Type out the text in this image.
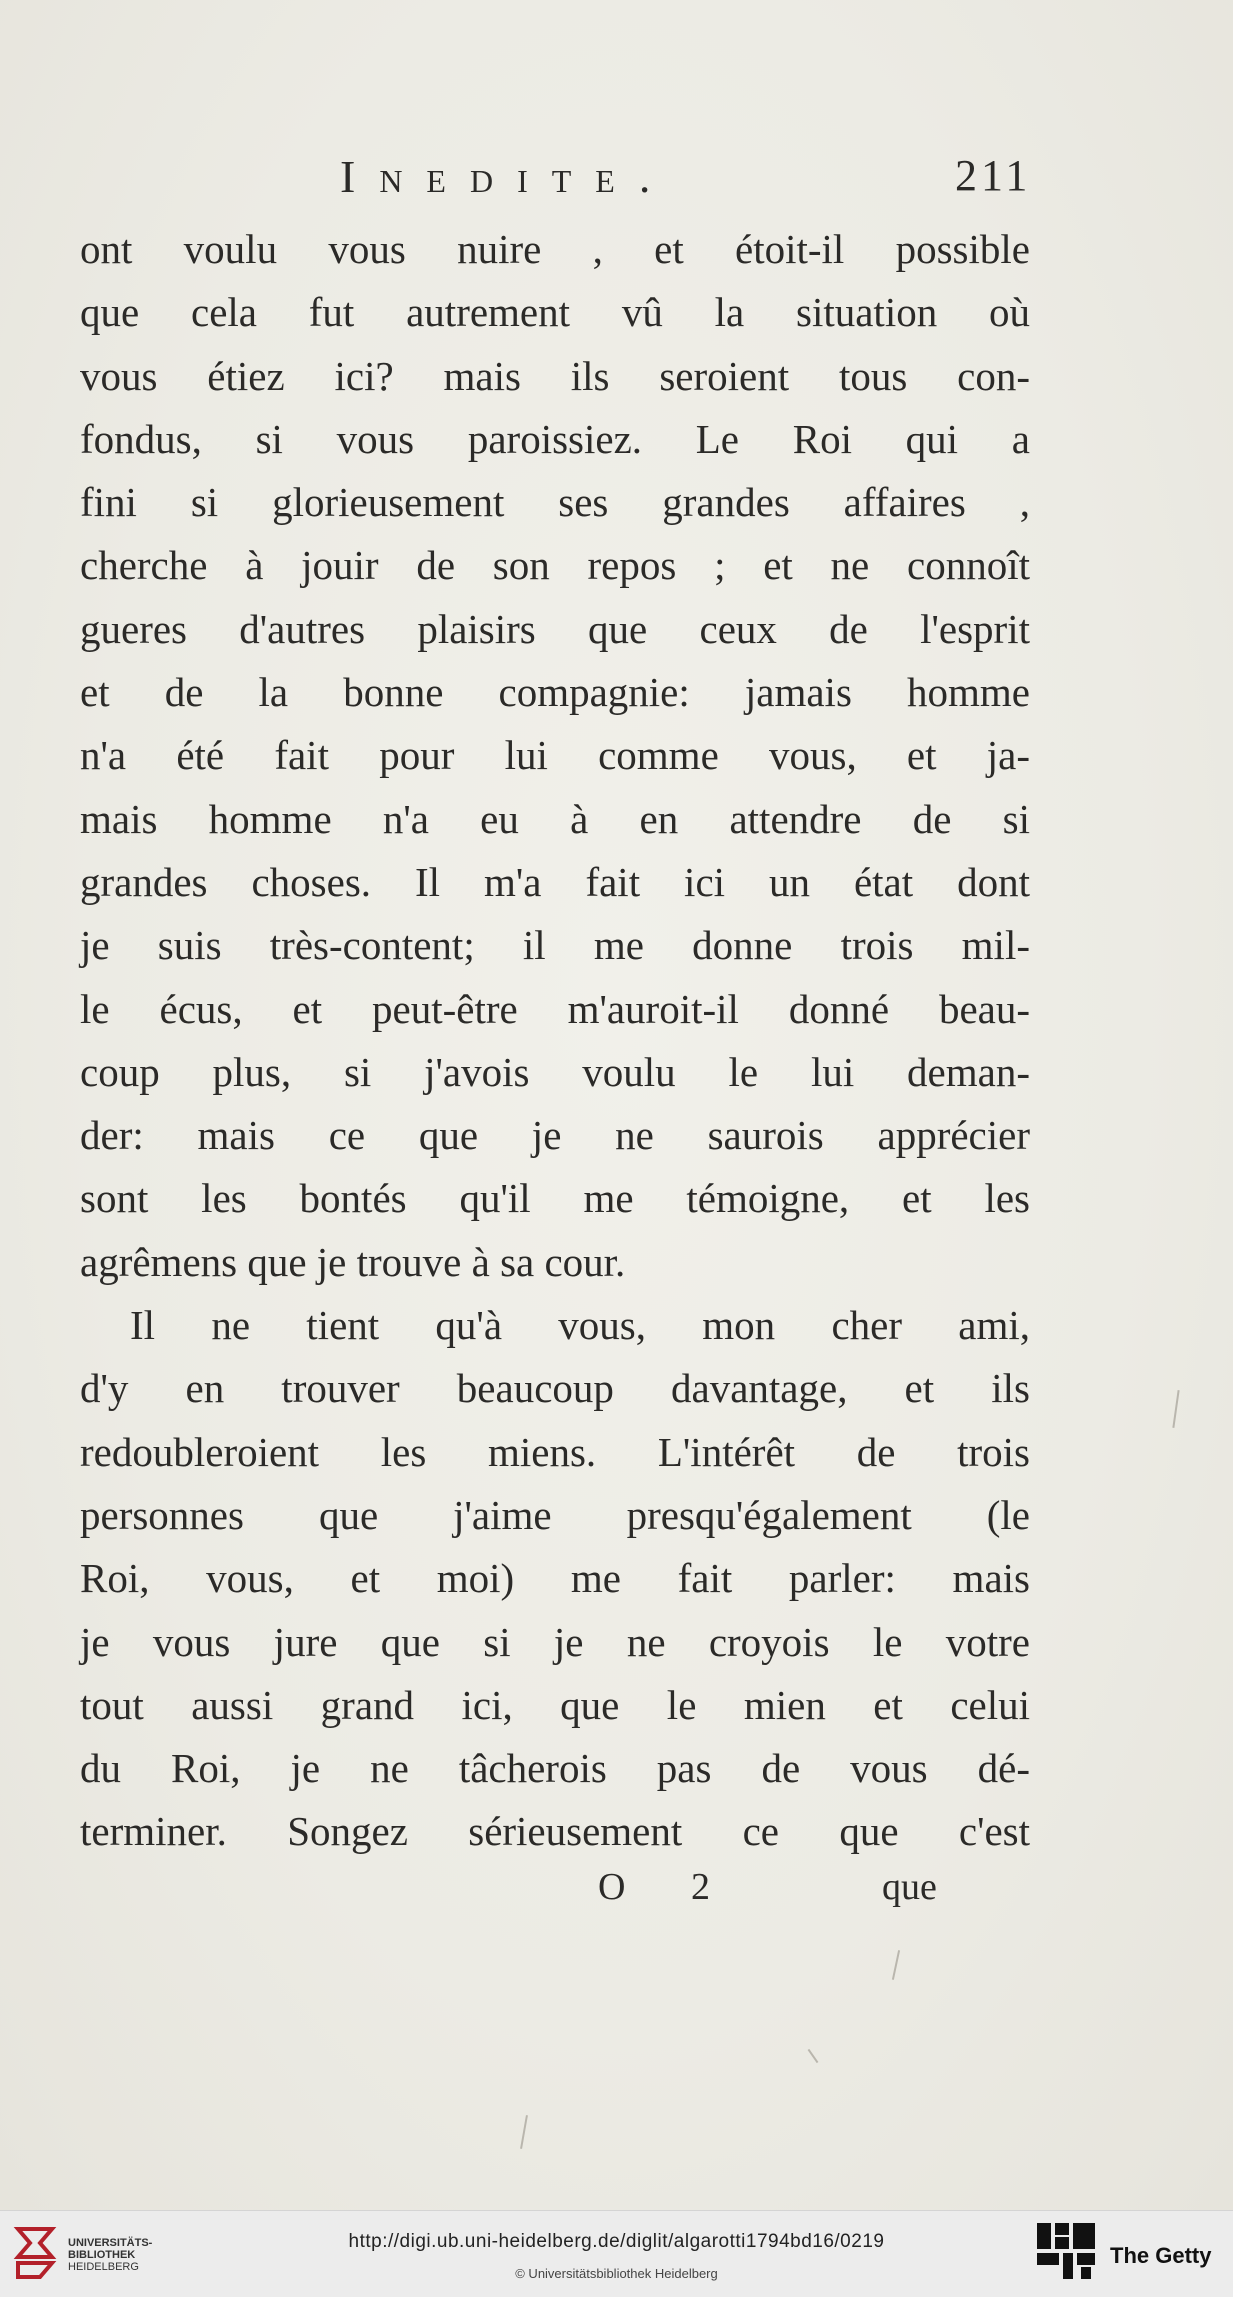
Inedite.	211
ont voulu vous nuire , et étoit-il possible
que cela fut autrement vû la situation où
vous étiez ici? mais ils seroient tous con-
fondus, si vous paroissiez. Le Roi qui a
fini si glorieusement ses grandes affaires ,
cherche à jouir de son repos ; et ne connoît
gueres d'autres plaisirs que ceux de l'esprit
et de la bonne compagnie: jamais homme
n'a été fait pour lui comme vous, et ja-
mais homme n'a eu à en attendre de si
grandes choses. Il m'a fait ici un état dont
je suis très-content; il me donne trois mil-
le écus, et peut-être m'auroit-il donné beau-
coup plus, si j'avois voulu le lui deman-
der: mais ce que je ne saurois apprécier
sont les bontés qu'il me témoigne, et les
agrêmens que je trouve à sa cour.
Il ne tient qu'à vous, mon cher ami,
d'y en trouver beaucoup davantage, et ils
redoubleroient les miens. L'intérêt de trois
personnes que j'aime presqu'également (le
Roi, vous, et moi) me fait parler: mais
je vous jure que si je ne croyois le votre
tout aussi grand ici, que le mien et celui
du Roi, je ne tâcherois pas de vous dé-
terminer. Songez sérieusement ce que c'est
O 2	que
UNIVERSITÄTS-
BIBLIOTHEK
HEIDELBERG
http://digi.ub.uni-heidelberg.de/diglit/algarotti1794bd16/0219
© Universitätsbibliothek Heidelberg
The Getty
